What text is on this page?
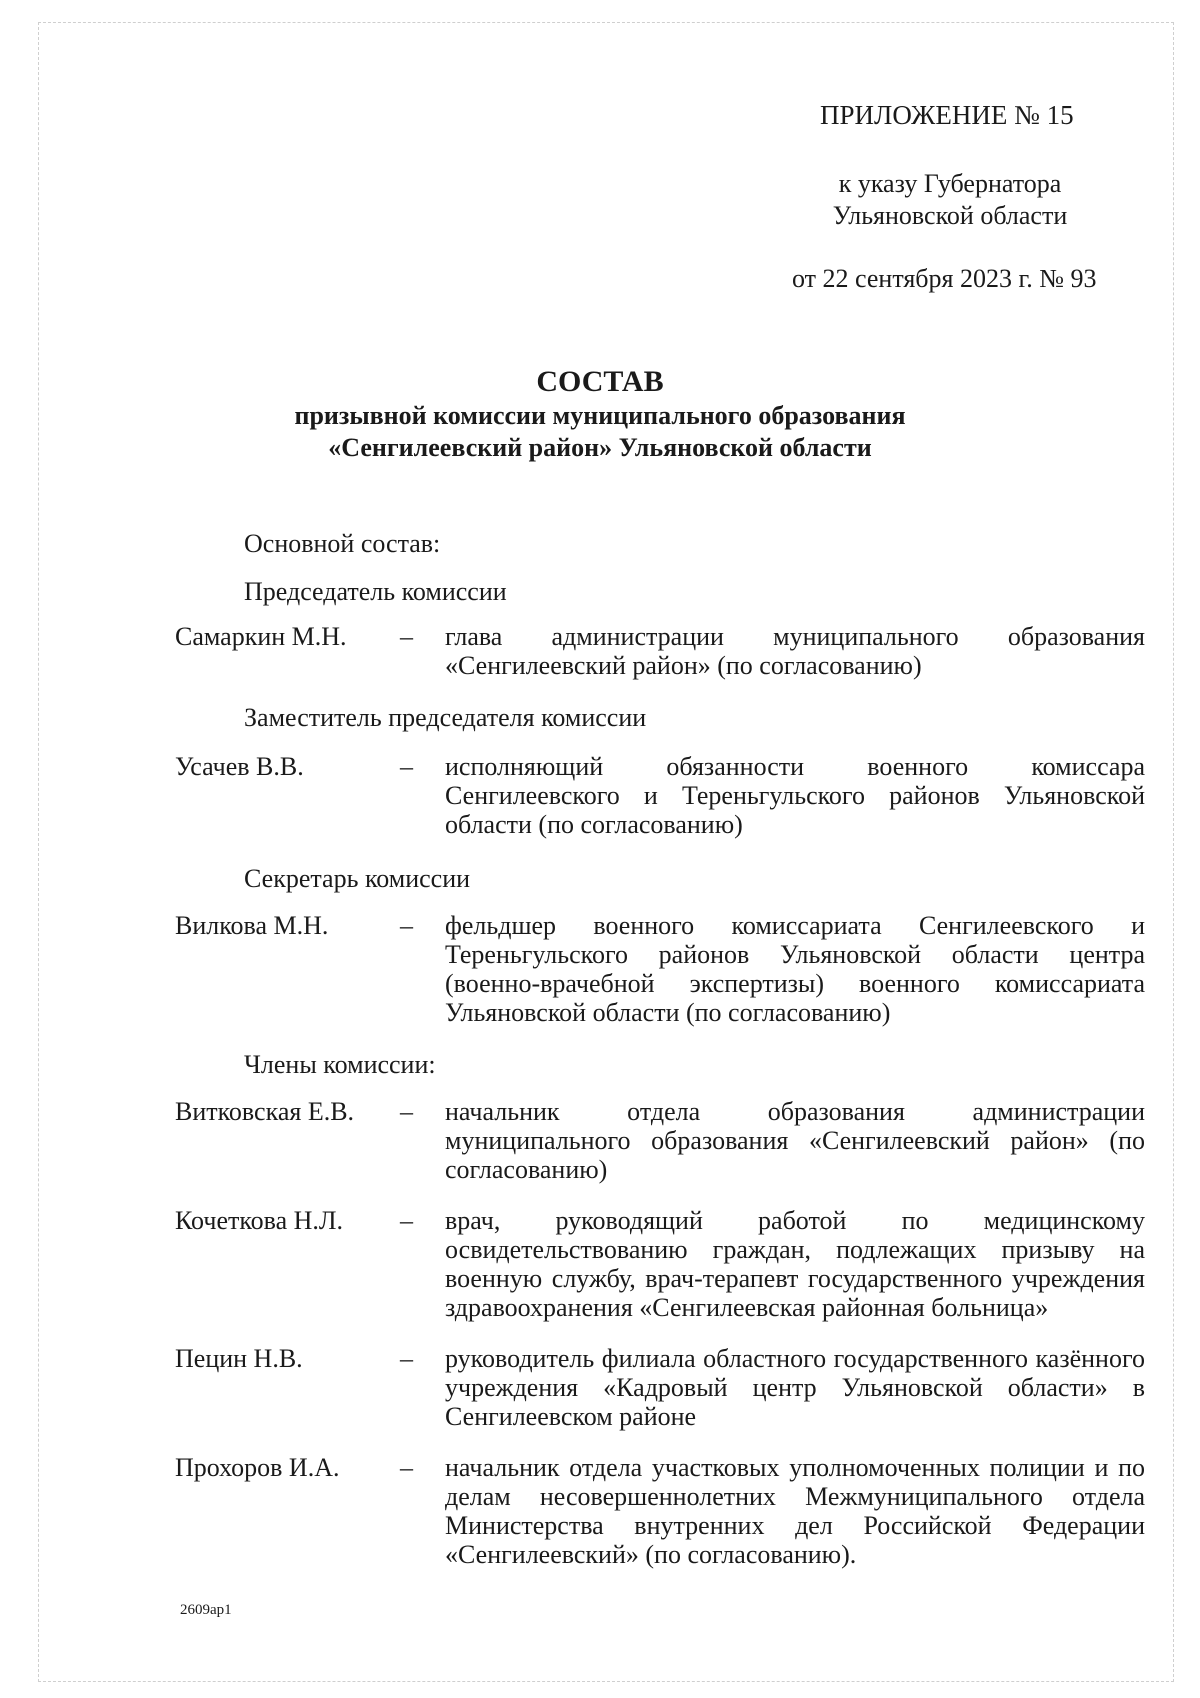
ПРИЛОЖЕНИЕ № 15
к указу Губернатора
Ульяновской области
от 22 сентября 2023 г. № 93
СОСТАВ
призывной комиссии муниципального образования
«Сенгилеевский район» Ульяновской области
Основной состав:
Председатель комиссии
Самаркин М.Н.	–	глава администрации муниципального образования «Сенгилеевский район» (по согласованию)
Заместитель председателя комиссии
Усачев В.В.	–	исполняющий обязанности военного комиссара Сенгилеевского и Тереньгульского районов Ульяновской области (по согласованию)
Секретарь комиссии
Вилкова М.Н.	–	фельдшер военного комиссариата Сенгилеевского и Тереньгульского районов Ульяновской области центра (военно-врачебной экспертизы) военного комиссариата Ульяновской области (по согласованию)
Члены комиссии:
Витковская Е.В.	–	начальник отдела образования администрации муниципального образования «Сенгилеевский район» (по согласованию)
Кочеткова Н.Л.	–	врач, руководящий работой по медицинскому освидетельствованию граждан, подлежащих призыву на военную службу, врач-терапевт государственного учреждения здравоохранения «Сенгилеевская районная больница»
Пецин Н.В.	–	руководитель филиала областного государственного казённого учреждения «Кадровый центр Ульяновской области» в Сенгилеевском районе
Прохоров И.А.	–	начальник отдела участковых уполномоченных полиции и по делам несовершеннолетних Межмуниципального отдела Министерства внутренних дел Российской Федерации «Сенгилеевский» (по согласованию).
2609ap1
